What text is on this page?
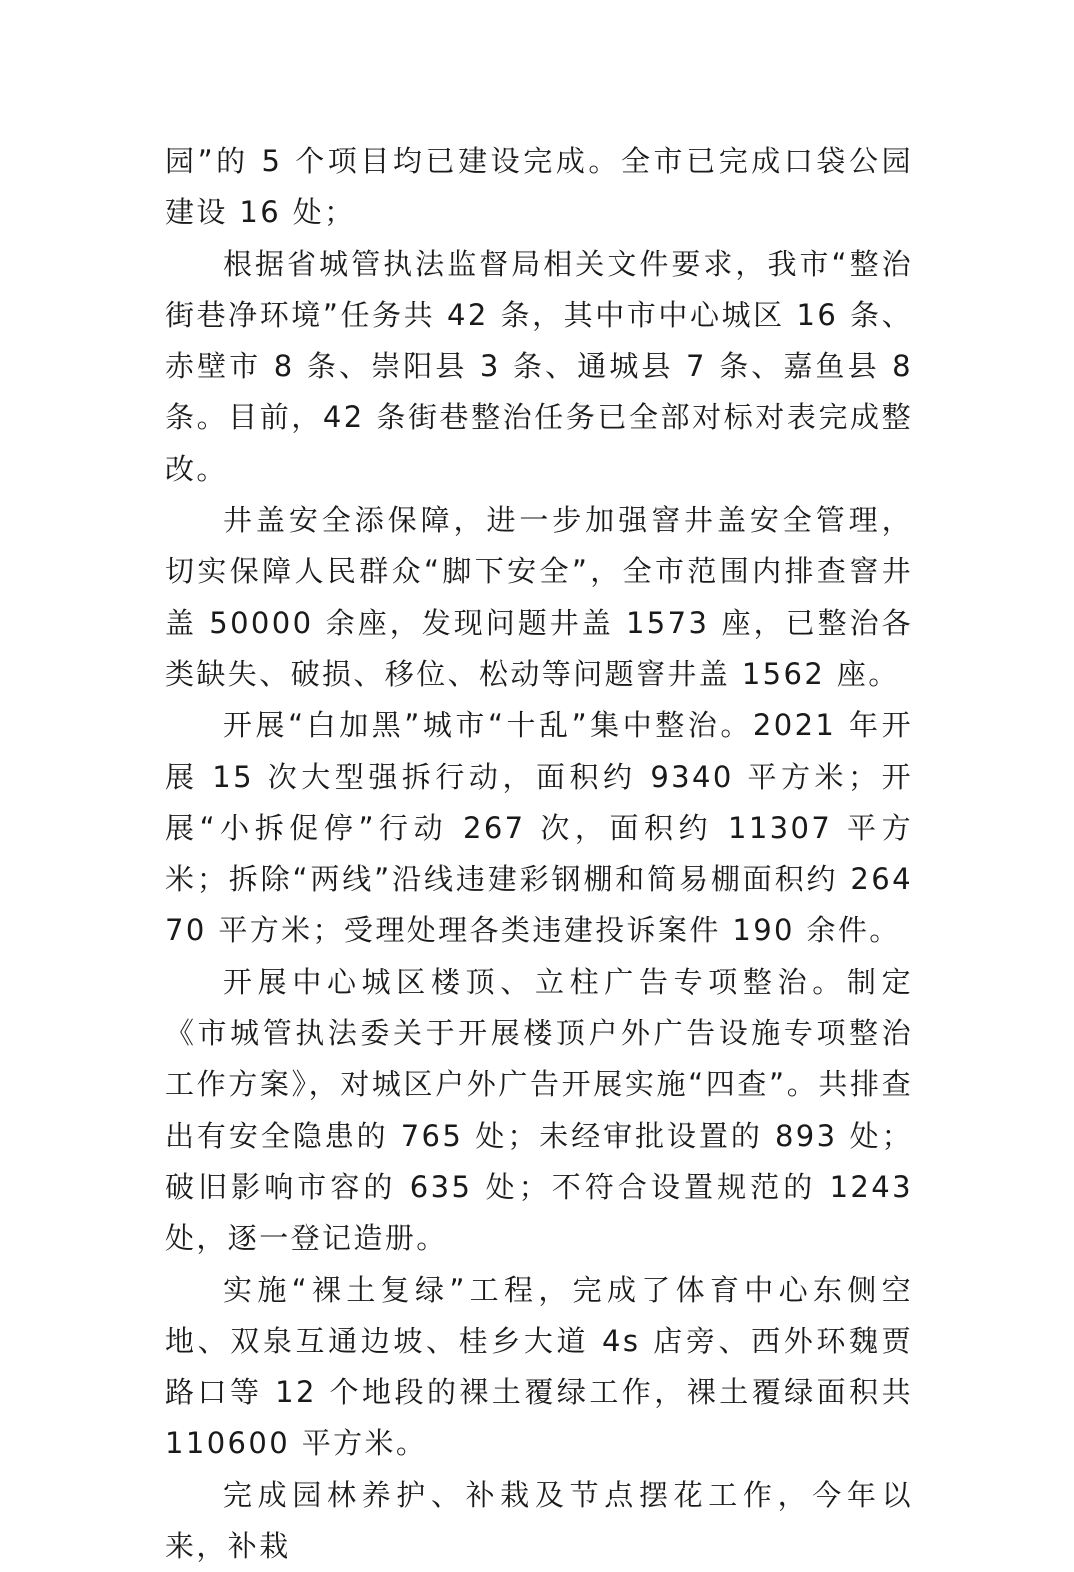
园”的 5 个项目均已建设完成。全市已完成口袋公园建设 16 处；

根据省城管执法监督局相关文件要求，我市“整治街巷净环境”任务共 42 条，其中市中心城区 16 条、赤壁市 8 条、崇阳县 3 条、通城县 7 条、嘉鱼县 8 条。目前，42 条街巷整治任务已全部对标对表完成整改。

井盖安全添保障，进一步加强窨井盖安全管理，切实保障人民群众“脚下安全”，全市范围内排查窨井盖 50000 余座，发现问题井盖 1573 座，已整治各类缺失、破损、移位、松动等问题窨井盖 1562 座。

开展“白加黑”城市“十乱”集中整治。2021 年开展 15 次大型强拆行动，面积约 9340 平方米；开展“小拆促停”行动 267 次，面积约 11307 平方米；拆除“两线”沿线违建彩钢棚和简易棚面积约 26470 平方米；受理处理各类违建投诉案件 190 余件。

开展中心城区楼顶、立柱广告专项整治。制定《市城管执法委关于开展楼顶户外广告设施专项整治工作方案》，对城区户外广告开展实施“四查”。共排查出有安全隐患的 765 处；未经审批设置的 893 处；破旧影响市容的 635 处；不符合设置规范的 1243 处，逐一登记造册。

实施“裸土复绿”工程，完成了体育中心东侧空地、双泉互通边坡、桂乡大道 4s 店旁、西外环魏贾路口等 12 个地段的裸土覆绿工作，裸土覆绿面积共 110600 平方米。

完成园林养护、补栽及节点摆花工作，今年以来，补栽
